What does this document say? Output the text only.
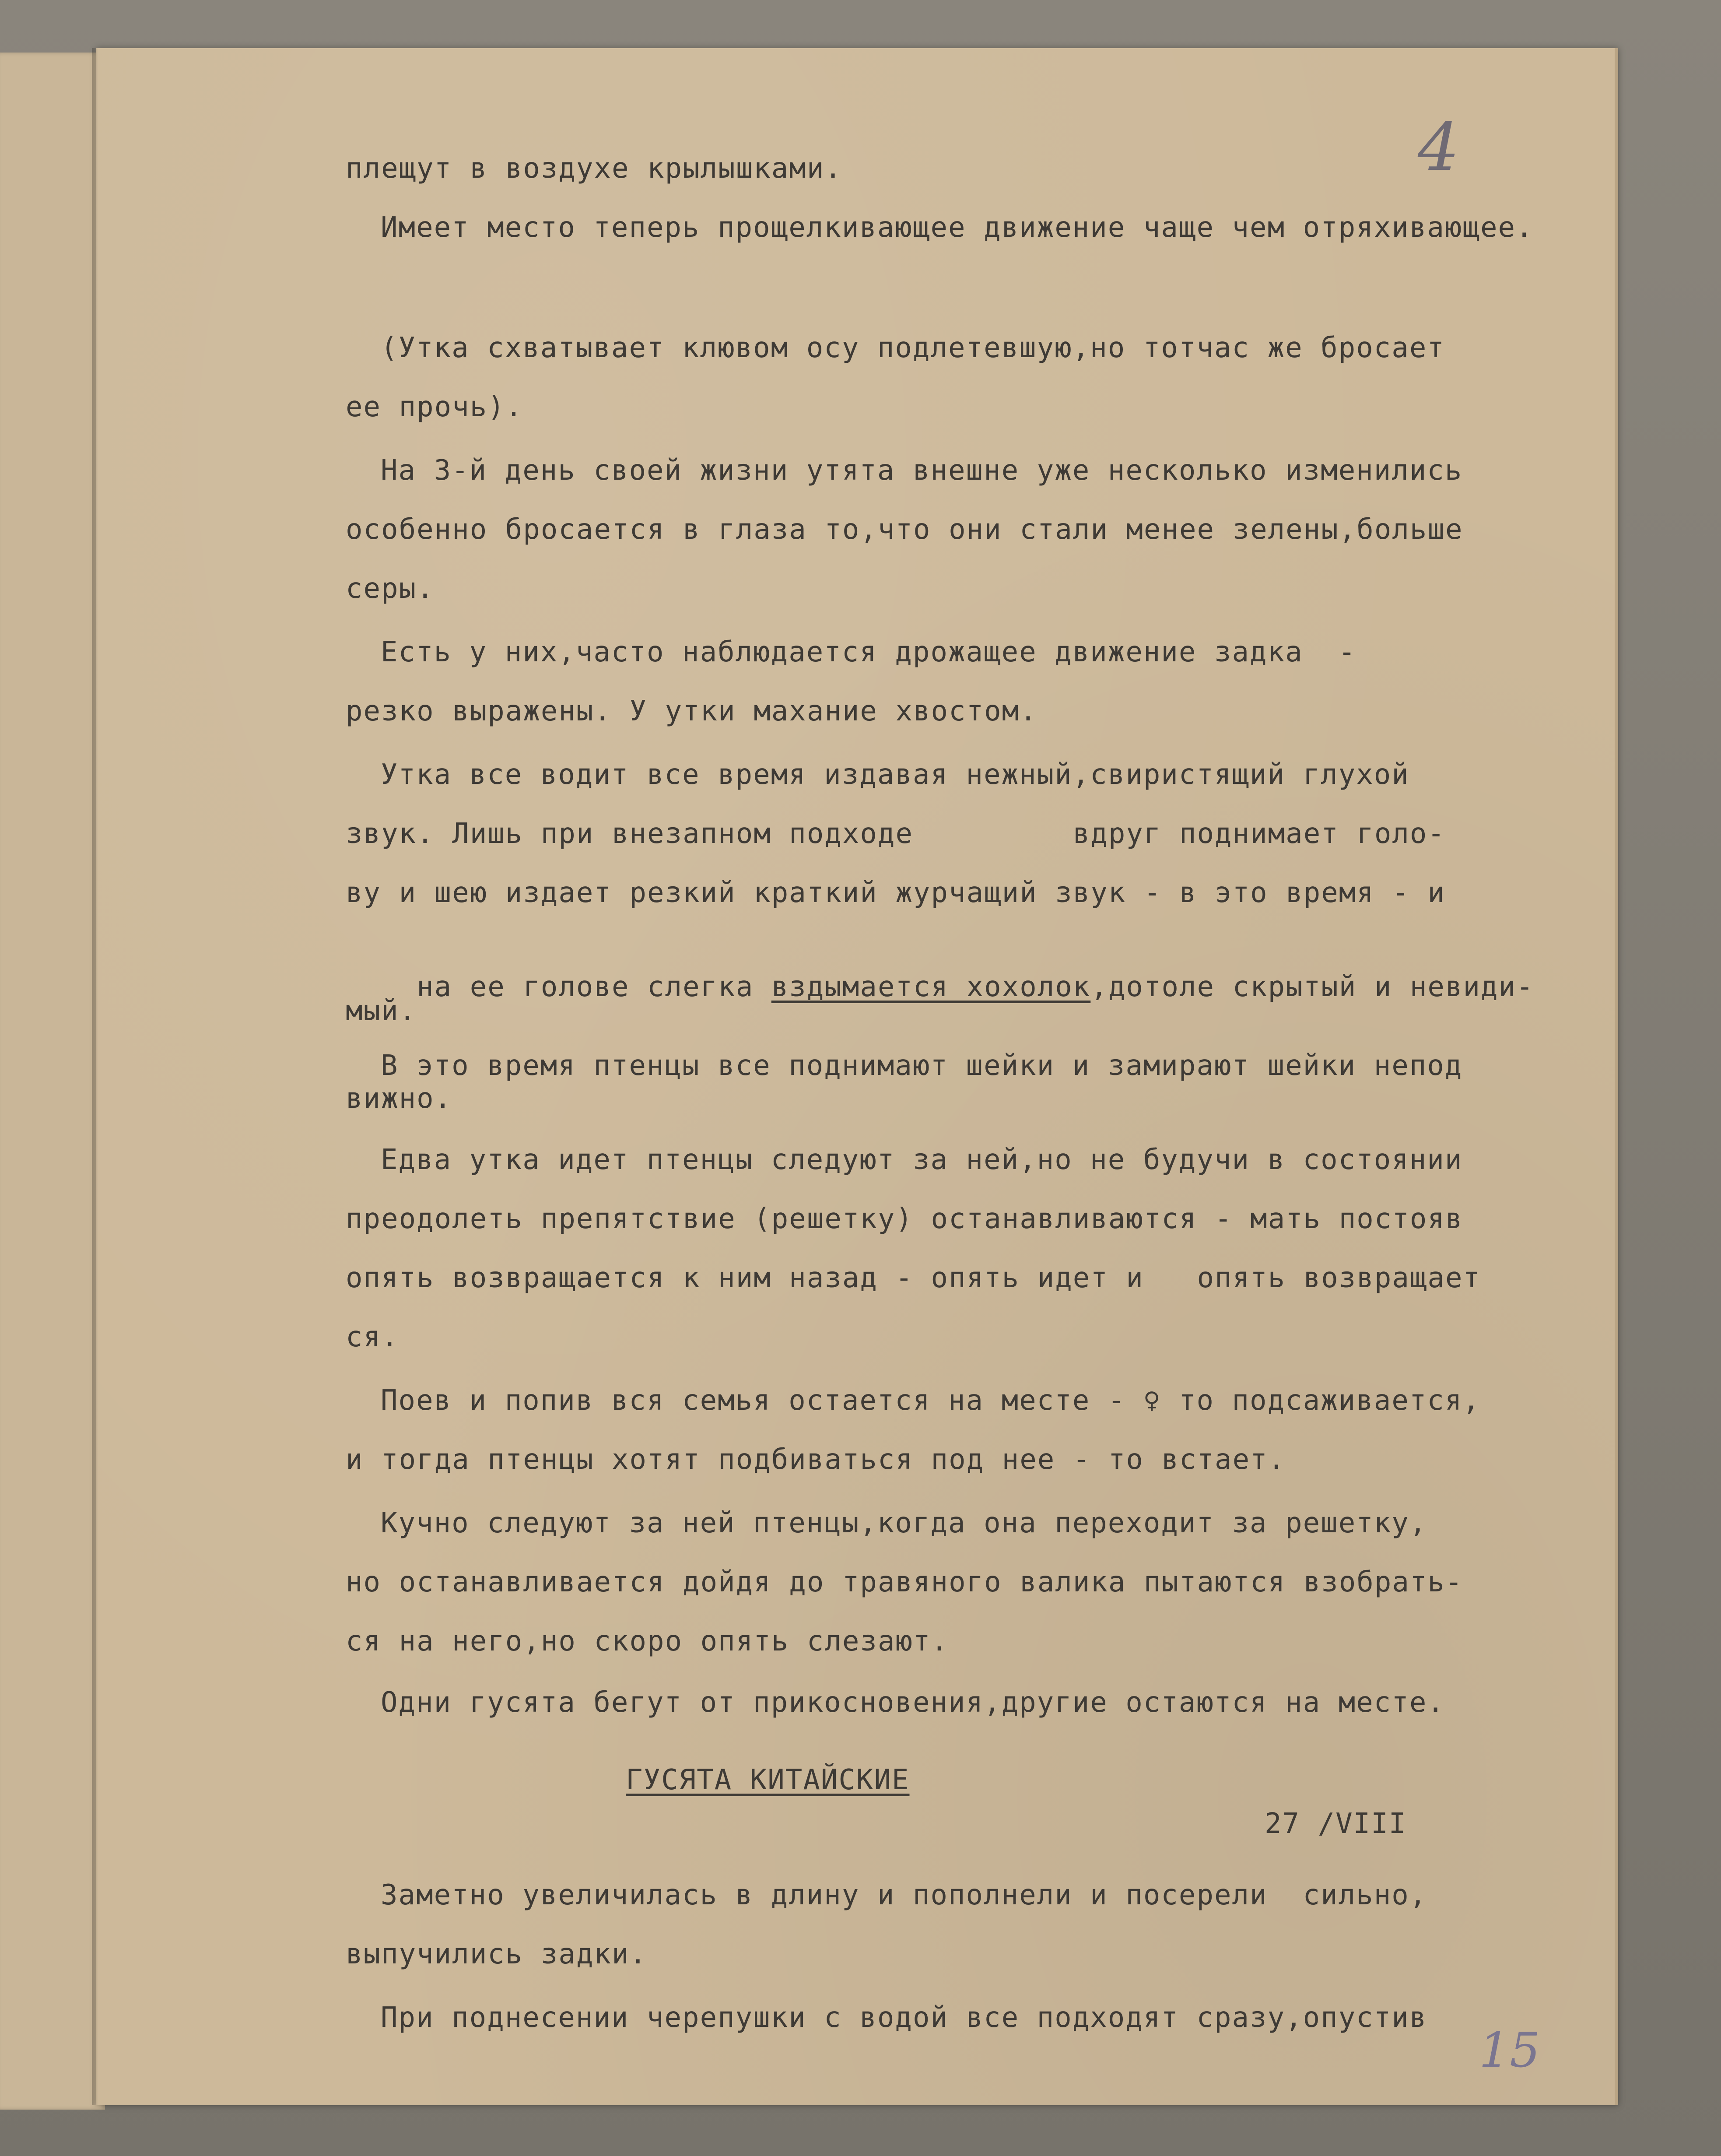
4
плещут в воздухе крылышками.
Имеет место теперь прощелкивающее движение чаще чем отряхивающее.
(Утка схватывает клювом осу подлетевшую,но тотчас же бросает
ее прочь).
На 3-й день своей жизни утята внешне уже несколько изменились
особенно бросается в глаза то,что они стали менее зелены,больше
серы.
Есть у них,часто наблюдается дрожащее движение задка  -
резко выражены. У утки махание хвостом.
Утка все водит все время издавая нежный,свиристящий глухой
звук. Лишь при внезапном подходе         вдруг поднимает голо-
ву и шею издает резкий краткий журчащий звук - в это время - и

на ее голове слегка вздымается хохолок,дотоле скрытый и невиди-

мый.
В это время птенцы все поднимают шейки и замирают шейки непод
вижно.
Едва утка идет птенцы следуют за ней,но не будучи в состоянии
преодолеть препятствие (решетку) останавливаются - мать постояв
опять возвращается к ним назад - опять идет и   опять возвращает
ся.
Поев и попив вся семья остается на месте - ♀ то подсаживается,
и тогда птенцы хотят подбиваться под нее - то встает.
Кучно следуют за ней птенцы,когда она переходит за решетку,
но останавливается дойдя до травяного валика пытаются взобрать-
ся на него,но скоро опять слезают.
Одни гусята бегут от прикосновения,другие остаются на месте.
Заметно увеличилась в длину и пополнели и посерели  сильно,
выпучились задки.
При поднесении черепушки с водой все подходят сразу,опустив
ГУСЯТА КИТАЙСКИЕ
27 /VIII
15
